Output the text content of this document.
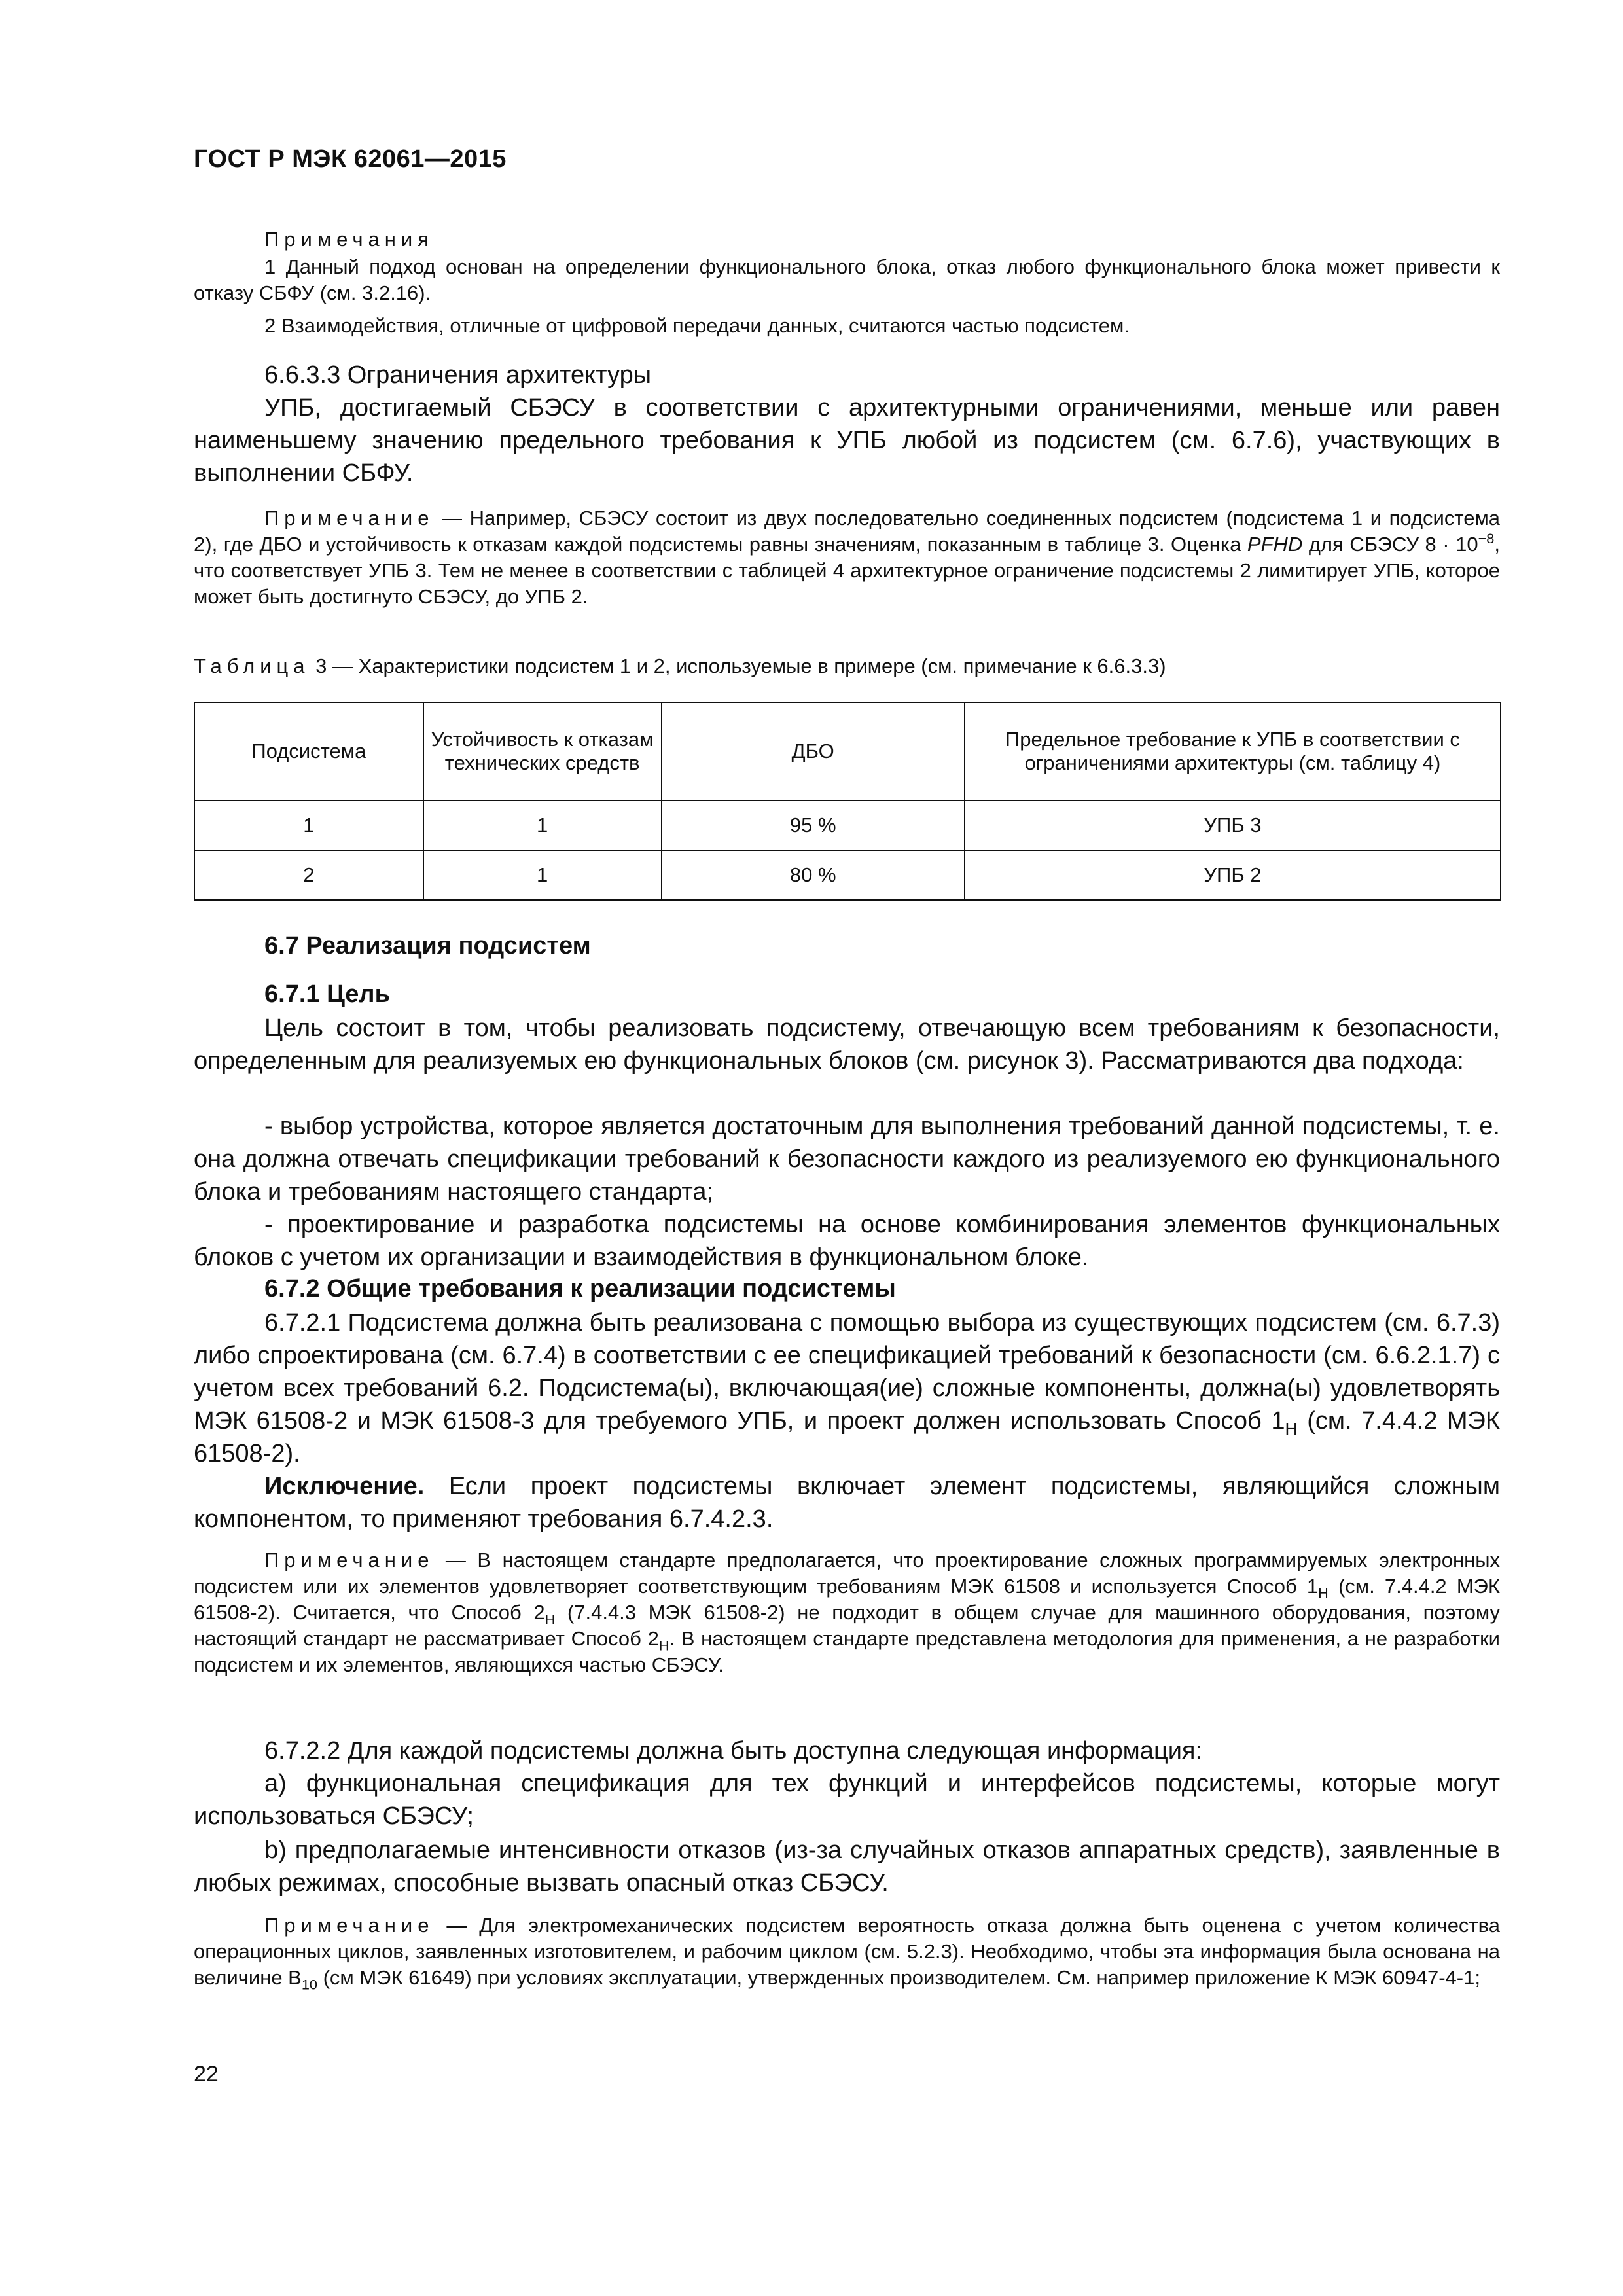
ГОСТ Р МЭК 62061—2015

Примечания

1 Данный подход основан на определении функционального блока, отказ любого функционального блока может привести к отказу СБФУ (см. 3.2.16).

2 Взаимодействия, отличные от цифровой передачи данных, считаются частью подсистем.

6.6.3.3 Ограничения архитектуры

УПБ, достигаемый СБЭСУ в соответствии с архитектурными ограничениями, меньше или равен наименьшему значению предельного требования к УПБ любой из подсистем (см. 6.7.6), участвующих в выполнении СБФУ.

Примечание — Например, СБЭСУ состоит из двух последовательно соединенных подсистем (подсистема 1 и подсистема 2), где ДБО и устойчивость к отказам каждой подсистемы равны значениям, показанным в таблице 3. Оценка PFHD для СБЭСУ $8 \cdot 10^{-8}$, что соответствует УПБ 3. Тем не менее в соответствии с таблицей 4 архитектурное ограничение подсистемы 2 лимитирует УПБ, которое может быть достигнуто СБЭСУ, до УПБ 2.

Таблица 3 — Характеристики подсистем 1 и 2, используемые в примере (см. примечание к 6.6.3.3)
Подсистема	Устойчивость к отказам технических средств	ДБО	Предельное требование к УПБ в соответствии с ограничениями архитектуры (см. таблицу 4)
1	1	95 %	УПБ 3
2	1	80 %	УПБ 2
6.7 Реализация подсистем
6.7.1 Цель

Цель состоит в том, чтобы реализовать подсистему, отвечающую всем требованиям к безопасности, определенным для реализуемых ею функциональных блоков (см. рисунок 3). Рассматриваются два подхода:

- выбор устройства, которое является достаточным для выполнения требований данной подсистемы, т. е. она должна отвечать спецификации требований к безопасности каждого из реализуемого ею функционального блока и требованиям настоящего стандарта;

- проектирование и разработка подсистемы на основе комбинирования элементов функциональных блоков с учетом их организации и взаимодействия в функциональном блоке.

6.7.2 Общие требования к реализации подсистемы

6.7.2.1 Подсистема должна быть реализована с помощью выбора из существующих подсистем (см. 6.7.3) либо спроектирована (см. 6.7.4) в соответствии с ее спецификацией требований к безопасности (см. 6.6.2.1.7) с учетом всех требований 6.2. Подсистема(ы), включающая(ие) сложные компоненты, должна(ы) удовлетворять МЭК 61508-2 и МЭК 61508-3 для требуемого УПБ, и проект должен использовать Способ $1_H$ (см. 7.4.4.2 МЭК 61508-2).

Исключение. Если проект подсистемы включает элемент подсистемы, являющийся сложным компонентом, то применяют требования 6.7.4.2.3.

Примечание — В настоящем стандарте предполагается, что проектирование сложных программируемых электронных подсистем или их элементов удовлетворяет соответствующим требованиям МЭК 61508 и используется Способ $1_H$ (см. 7.4.4.2 МЭК 61508-2). Считается, что Способ $2_H$ (7.4.4.3 МЭК 61508-2) не подходит в общем случае для машинного оборудования, поэтому настоящий стандарт не рассматривает Способ $2_H$. В настоящем стандарте представлена методология для применения, а не разработки подсистем и их элементов, являющихся частью СБЭСУ.

6.7.2.2 Для каждой подсистемы должна быть доступна следующая информация:

a) функциональная спецификация для тех функций и интерфейсов подсистемы, которые могут использоваться СБЭСУ;

b) предполагаемые интенсивности отказов (из-за случайных отказов аппаратных средств), заявленные в любых режимах, способные вызвать опасный отказ СБЭСУ.

Примечание — Для электромеханических подсистем вероятность отказа должна быть оценена с учетом количества операционных циклов, заявленных изготовителем, и рабочим циклом (см. 5.2.3). Необходимо, чтобы эта информация была основана на величине $B_{10}$ (см МЭК 61649) при условиях эксплуатации, утвержденных производителем. См. например приложение К МЭК 60947-4-1;

22
